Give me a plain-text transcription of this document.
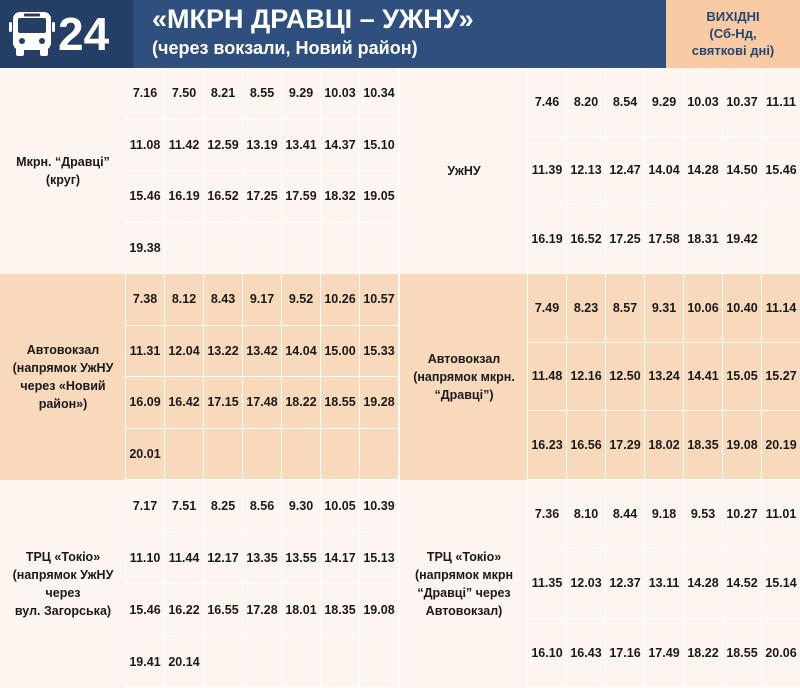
24 «МКРН ДРАВЦІ – УЖНУ»
(через вокзали, Новий район)
ВИХІДНІ
(Сб-Нд,
святкові дні)
Мкрн. “Дравці”
(круг)
7.16	7.50	8.21	8.55	9.29 10.03 10.34
11.08 11.42 12.59 13.19 13.41 14.37 15.10
15.46 16.19 16.52 17.25 17.59 18.32 19.05
19.38
УжНУ
7.46	8.20	8.54	9.29 10.03 10.37 11.11
11.39 12.13 12.47 14.04 14.28 14.50 15.46
16.19 16.52 17.25 17.58 18.31 19.42
Автовокзал
(напрямок УжНУ
через «Новий
район»)
7.38	8.12	8.43	9.17	9.52 10.26 10.57
11.31 12.04 13.22 13.42 14.04 15.00 15.33
16.09 16.42 17.15 17.48 18.22 18.55 19.28
20.01
Автовокзал
(напрямок мкрн.
“Дравці”)
7.49	8.23	8.57	9.31 10.06 10.40 11.14
11.48 12.16 12.50 13.24 14.41 15.05 15.27
16.23 16.56 17.29 18.02 18.35 19.08 20.19
ТРЦ «Токіо»
(напрямок УжНУ
через
вул. Загорська)
7.17	7.51	8.25	8.56	9.30 10.05 10.39
11.10 11.44 12.17 13.35 13.55 14.17 15.13
15.46 16.22 16.55 17.28 18.01 18.35 19.08
19.41 20.14
ТРЦ «Токіо»
(напрямок мкрн
“Дравці” через
Автовокзал)
7.36	8.10	8.44	9.18	9.53 10.27 11.01
11.35 12.03 12.37 13.11 14.28 14.52 15.14
16.10 16.43 17.16 17.49 18.22 18.55 20.06
